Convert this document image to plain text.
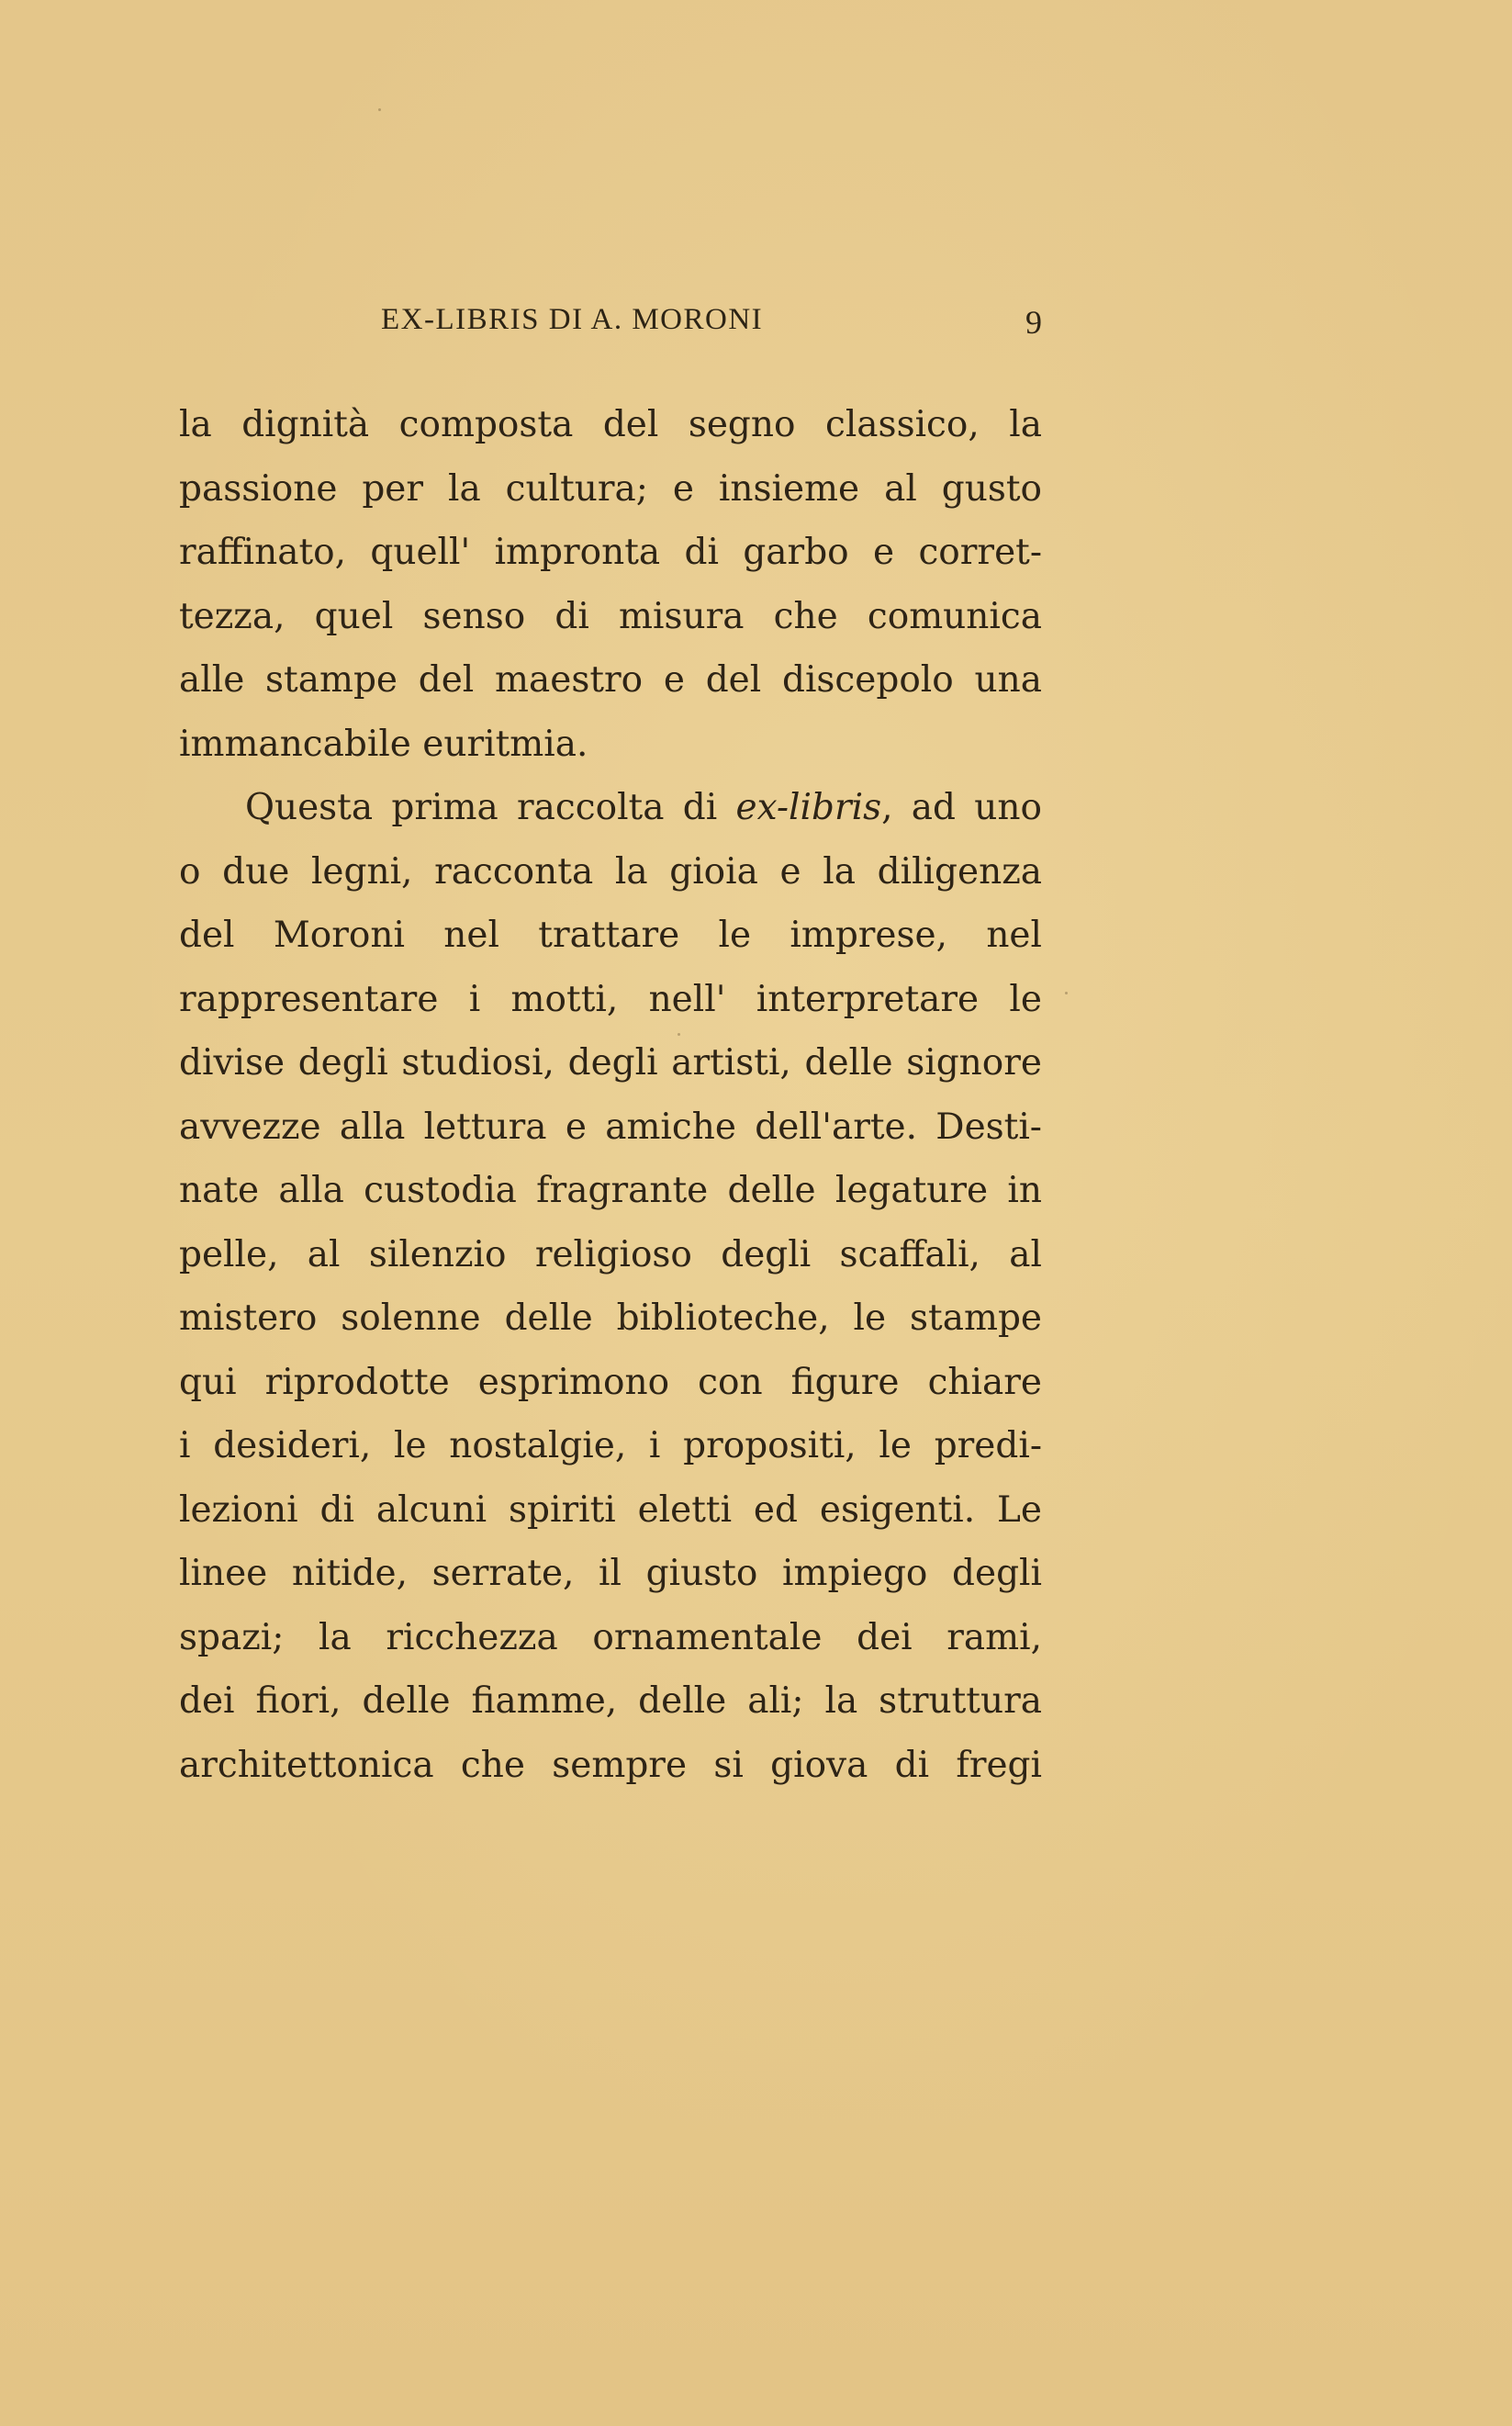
EX-LIBRIS DI A. MORONI	9
la dignità composta del segno classico, la
passione per la cultura; e insieme al gusto
raffinato, quell' impronta di garbo e corret-
tezza, quel senso di misura che comunica
alle stampe del maestro e del discepolo una
immancabile euritmia.
Questa prima raccolta di ex-libris, ad uno
o due legni, racconta la gioia e la diligenza
del Moroni nel trattare le imprese, nel
rappresentare i motti, nell' interpretare le
divise degli studiosi, degli artisti, delle signore
avvezze alla lettura e amiche dell'arte. Desti-
nate alla custodia fragrante delle legature in
pelle, al silenzio religioso degli scaffali, al
mistero solenne delle biblioteche, le stampe
qui riprodotte esprimono con figure chiare
i desideri, le nostalgie, i propositi, le predi-
lezioni di alcuni spiriti eletti ed esigenti. Le
linee nitide, serrate, il giusto impiego degli
spazi; la ricchezza ornamentale dei rami,
dei fiori, delle fiamme, delle ali; la struttura
architettonica che sempre si giova di fregi
